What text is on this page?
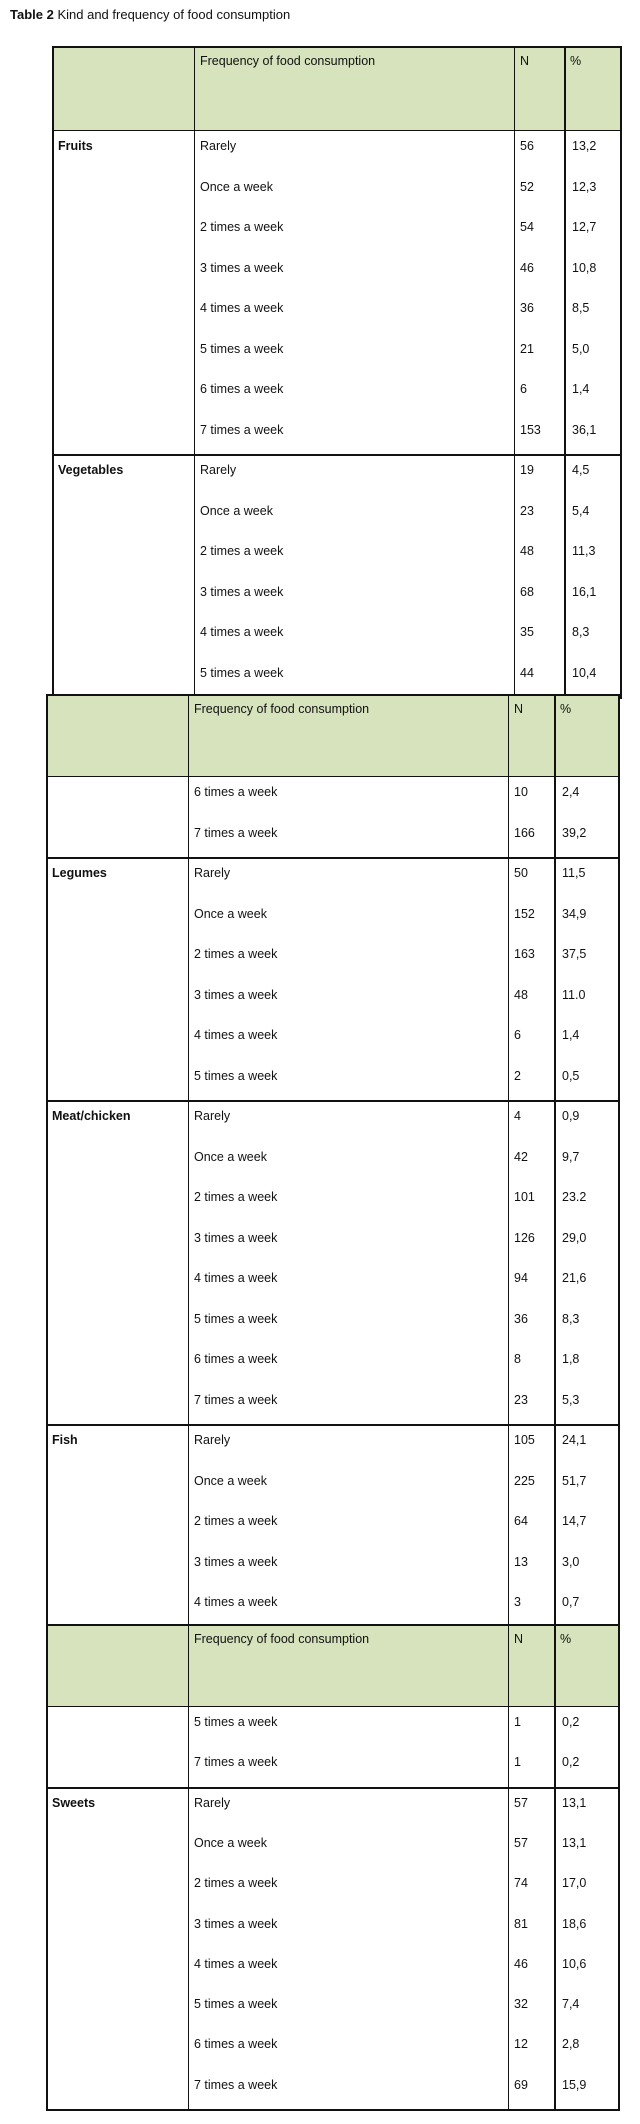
Table 2 Kind and frequency of food consumption
Frequency of food consumption	N	%
Fruits	Rarely	56	13,2
Once a week	52	12,3
2 times a week	54	12,7
3 times a week	46	10,8
4 times a week	36	8,5
5 times a week	21	5,0
6 times a week	6	1,4
7 times a week	153 36,1
Vegetables	Rarely	19	4,5
Once a week	23	5,4
2 times a week	48	11,3
3 times a week	68	16,1
4 times a week	35	8,3
5 times a week	44	10,4
Frequency of food consumption	N	%
6 times a week	10	2,4
7 times a week	166 39,2
Legumes	Rarely	50	11,5
Once a week	152 34,9
2 times a week	163 37,5
3 times a week	48	11.0
4 times a week	6	1,4
5 times a week	2	0,5
Meat/chicken	Rarely	4	0,9
Once a week	42	9,7
2 times a week	101 23.2
3 times a week	126 29,0
4 times a week	94	21,6
5 times a week	36	8,3
6 times a week	8	1,8
7 times a week	23	5,3
Fish	Rarely	105 24,1
Once a week	225 51,7
2 times a week	64	14,7
3 times a week	13	3,0
4 times a week	3	0,7
Frequency of food consumption	N	%
5 times a week	1	0,2
7 times a week	1	0,2
Sweets	Rarely	57	13,1
Once a week	57	13,1
2 times a week	74	17,0
3 times a week	81	18,6
4 times a week	46	10,6
5 times a week	32	7,4
6 times a week	12	2,8
7 times a week	69	15,9
